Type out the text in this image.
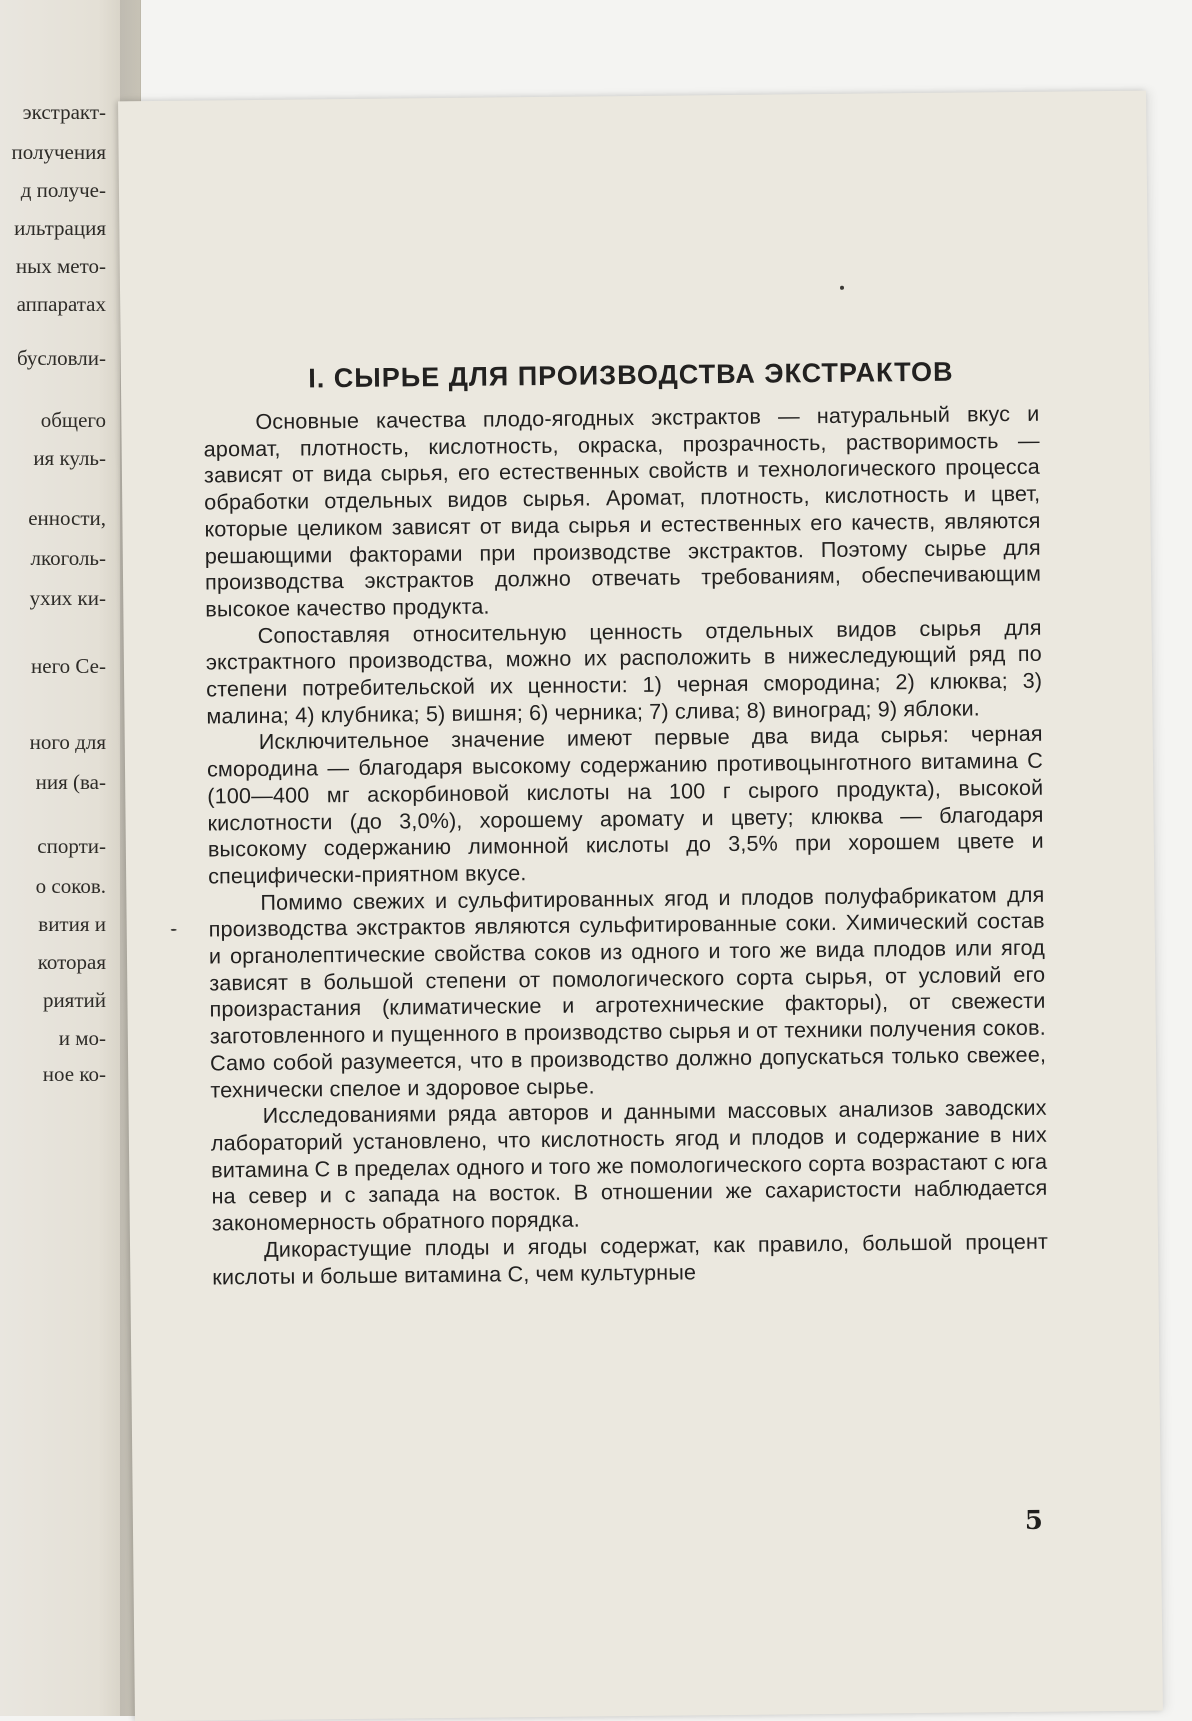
экстракт-
получения
д получе-
ильтрация
ных мето-
аппаратах
бусловли-
общего
ия куль-
енности,
лкоголь-
ухих ки-
него Се-
ного для
ния (ва-
спорти-
о соков.
вития и
которая
риятий
и мо-
ное ко-
I. СЫРЬЕ ДЛЯ ПРОИЗВОДСТВА ЭКСТРАКТОВ

Основные качества плодо-ягодных экстрактов — натуральный вкус и аромат, плотность, кислотность, окраска, прозрачность, растворимость — зависят от вида сырья, его естественных свойств и технологического процесса обработки отдельных видов сырья. Аромат, плотность, кислотность и цвет, которые целиком зависят от вида сырья и естественных его качеств, являются решающими факторами при производстве экстрактов. Поэтому сырье для производства экстрактов должно отвечать требованиям, обеспечивающим высокое качество продукта.

Сопоставляя относительную ценность отдельных видов сырья для экстрактного производства, можно их расположить в нижеследующий ряд по степени потребительской их ценности: 1) черная смородина; 2) клюква; 3) малина; 4) клубника; 5) вишня; 6) черника; 7) слива; 8) виноград; 9) яблоки.

Исключительное значение имеют первые два вида сырья: черная смородина — благодаря высокому содержанию противоцынготного витамина С (100—400 мг аскорбиновой кислоты на 100 г сырого продукта), высокой кислотности (до 3,0%), хорошему аромату и цвету; клюква — благодаря высокому содержанию лимонной кислоты до 3,5% при хорошем цвете и специфически-приятном вкусе.

Помимо свежих и сульфитированных ягод и плодов полуфабрикатом для производства экстрактов являются сульфитированные соки. Химический состав и органолептические свойства соков из одного и того же вида плодов или ягод зависят в большой степени от помологического сорта сырья, от условий его произрастания (климатические и агротехнические факторы), от свежести заготовленного и пущенного в производство сырья и от техники получения соков. Само собой разумеется, что в производство должно допускаться только свежее, технически спелое и здоровое сырье.

Исследованиями ряда авторов и данными массовых анализов заводских лабораторий установлено, что кислотность ягод и плодов и содержание в них витамина С в пределах одного и того же помологического сорта возрастают с юга на север и с запада на восток. В отношении же сахаристости наблюдается закономерность обратного порядка.

Дикорастущие плоды и ягоды содержат, как правило, большой процент кислоты и больше витамина С, чем культурные

5
